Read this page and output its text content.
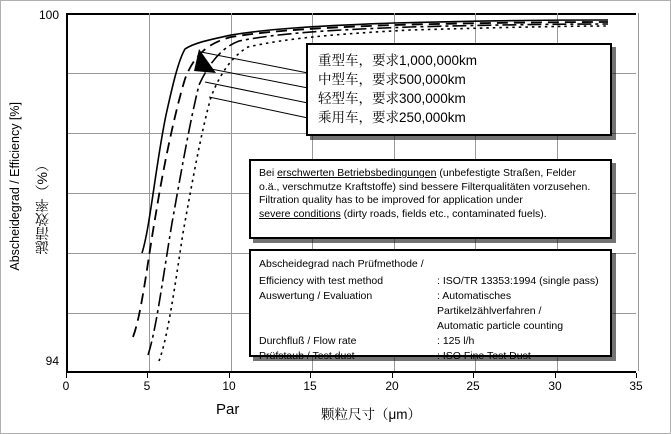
Abscheidegrad / Efficiency [%] 滤清效率（%）
100
94
0	5	10	15	20	25	30	35
Par	颗粒尺寸（μm）
重型车，要求1,000,000km
中型车，要求500,000km
轻型车，要求300,000km
乘用车，要求250,000km
Bei erschwerten Betriebsbedingungen (unbefestigte Straßen, Felder
o.ä., verschmutze Kraftstoffe) sind bessere Filterqualitäten vorzusehen.
Filtration quality has to be improved for application under
severe conditions (dirty roads, fields etc., contaminated fuels).
Abscheidegrad nach Prüfmethode /
Efficiency with test method	: ISO/TR 13353:1994 (single pass)
Auswertung / Evaluation	: Automatisches Partikelzählverfahren /
Automatic particle counting
Durchfluß / Flow rate	: 125 l/h
Prüfstaub / Test dust	: ISO Fine Test Dust
